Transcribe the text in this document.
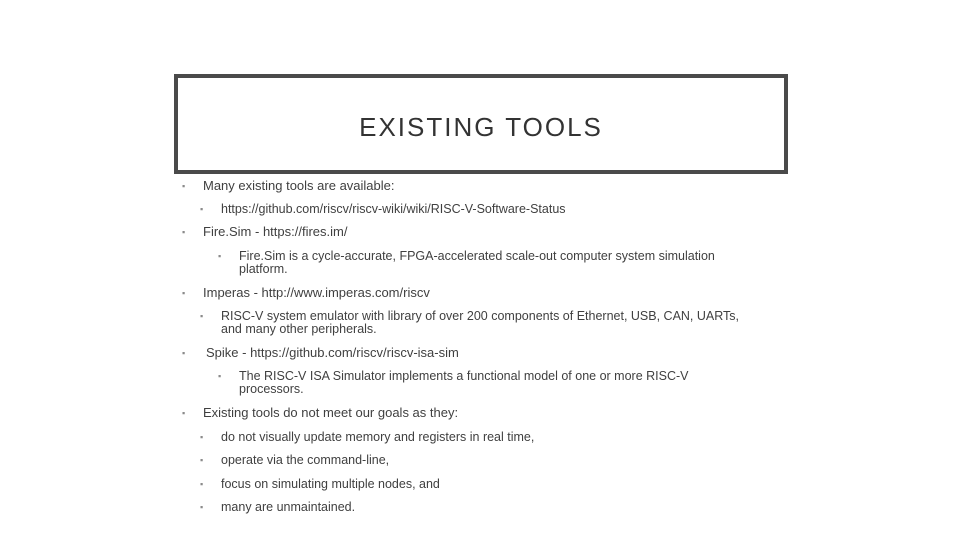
EXISTING TOOLS
▪ Many existing tools are available:
▪ https://github.com/riscv/riscv-wiki/wiki/RISC-V-Software-Status
▪ Fire.Sim - https://fires.im/
▪ Fire.Sim is a cycle-accurate, FPGA-accelerated scale-out computer system simulation
platform.
▪ Imperas - http://www.imperas.com/riscv
▪ RISC-V system emulator with library of over 200 components of Ethernet, USB, CAN, UARTs,
and many other peripherals.
▪ Spike - https://github.com/riscv/riscv-isa-sim
▪ The RISC-V ISA Simulator implements a functional model of one or more RISC-V
processors.
▪ Existing tools do not meet our goals as they:
▪ do not visually update memory and registers in real time,
▪ operate via the command-line,
▪ focus on simulating multiple nodes, and
▪ many are unmaintained.
